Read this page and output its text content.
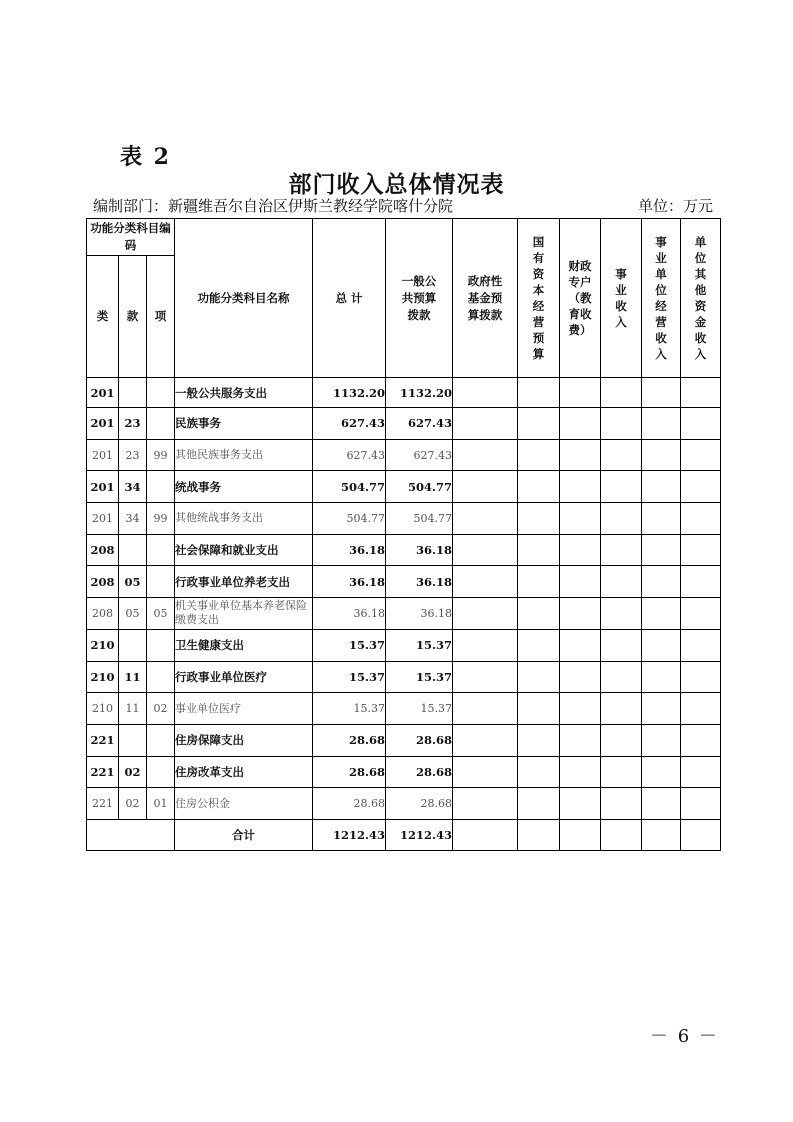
表 2
部门收入总体情况表
编制部门：新疆维吾尔自治区伊斯兰教经学院喀什分院	单位：万元
功能分类科目编码			功能分类科目名称	总 计	一般公共预算拨款	政府性基金预算拨款	国有资本经营预算	财政专户（教育收费）	事业收入	事业单位经营收入	单位其他资金收入

类	款	项									
201			一般公共服务支出	1132.20	1132.20						
201	23		民族事务	627.43	627.43						
201	23	99	其他民族事务支出	627.43	627.43						
201	34		统战事务	504.77	504.77						
201	34	99	其他统战事务支出	504.77	504.77						
208			社会保障和就业支出	36.18	36.18						
208	05		行政事业单位养老支出	36.18	36.18						
208	05	05	机关事业单位基本养老保险缴费支出	36.18	36.18						
210			卫生健康支出	15.37	15.37						
210	11		行政事业单位医疗	15.37	15.37						
210	11	02	事业单位医疗	15.37	15.37						
221			住房保障支出	28.68	28.68						
221	02		住房改革支出	28.68	28.68						
221	02	01	住房公积金	28.68	28.68						
			合计	1212.43	1212.43						
－ 6 －
